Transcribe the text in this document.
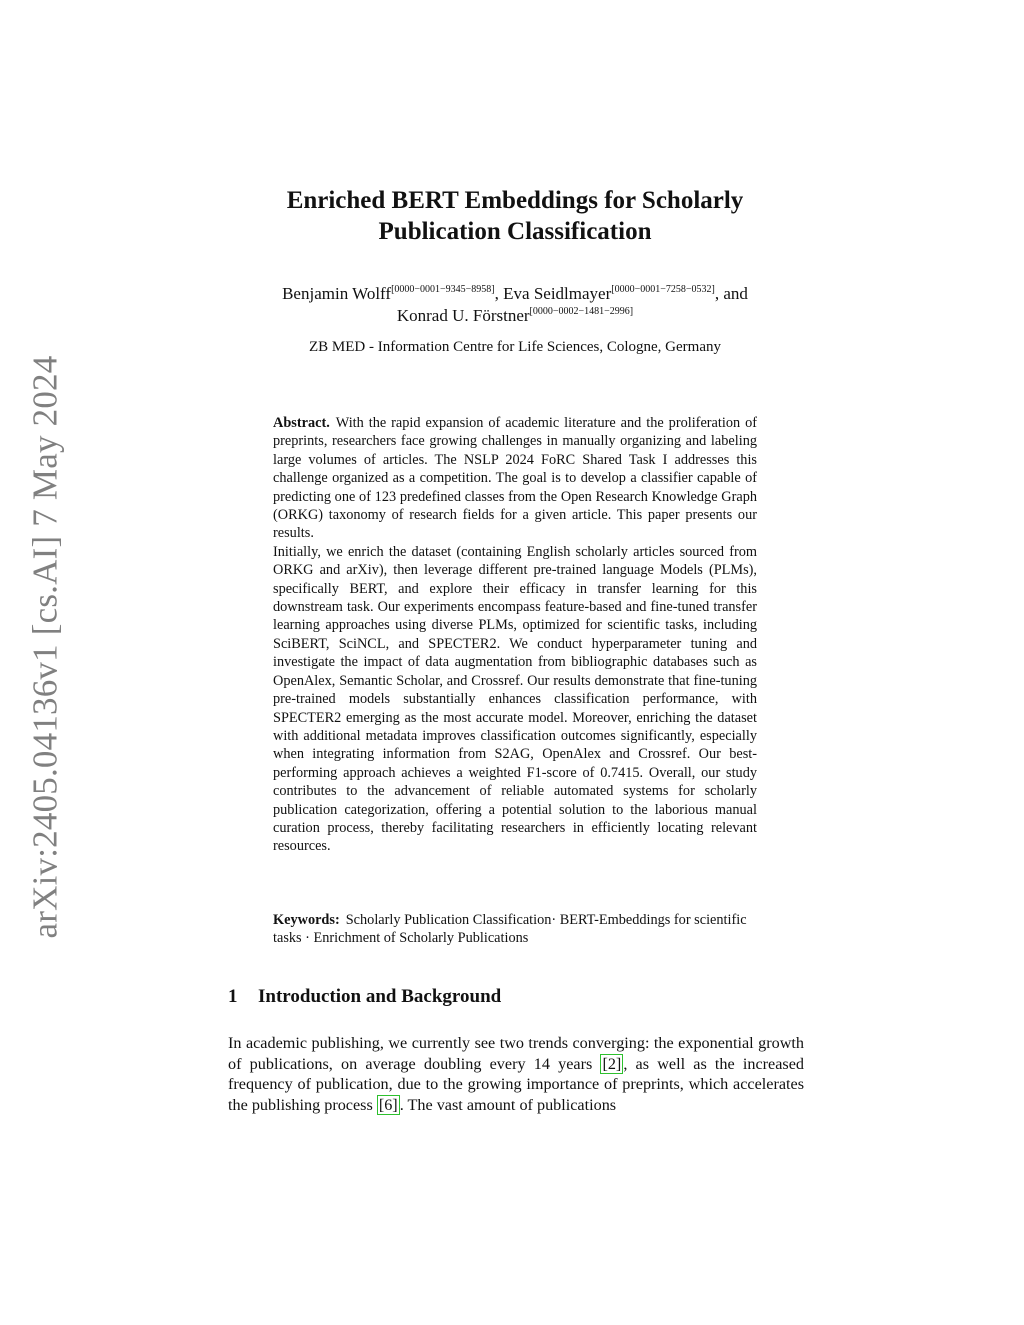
arXiv:2405.04136v1 [cs.AI] 7 May 2024
Enriched BERT Embeddings for Scholarly
Publication Classification

Benjamin Wolff[0000−0001−9345−8958], Eva Seidlmayer[0000−0001−7258−0532], and
Konrad U. Förstner[0000−0002−1481−2996]

ZB MED - Information Centre for Life Sciences, Cologne, Germany

Abstract. With the rapid expansion of academic literature and the proliferation of preprints, researchers face growing challenges in manually organizing and labeling large volumes of articles. The NSLP 2024 FoRC Shared Task I addresses this challenge organized as a competition. The goal is to develop a classifier capable of predicting one of 123 predefined classes from the Open Research Knowledge Graph (ORKG) taxonomy of research fields for a given article. This paper presents our results.

Initially, we enrich the dataset (containing English scholarly articles sourced from ORKG and arXiv), then leverage different pre-trained language Models (PLMs), specifically BERT, and explore their efficacy in transfer learning for this downstream task. Our experiments encompass feature-based and fine-tuned transfer learning approaches using diverse PLMs, optimized for scientific tasks, including SciBERT, SciNCL, and SPECTER2. We conduct hyperparameter tuning and investigate the impact of data augmentation from bibliographic databases such as OpenAlex, Semantic Scholar, and Crossref. Our results demonstrate that fine-tuning pre-trained models substantially enhances classification performance, with SPECTER2 emerging as the most accurate model. Moreover, enriching the dataset with additional metadata improves classification outcomes significantly, especially when integrating information from S2AG, OpenAlex and Crossref. Our best-performing approach achieves a weighted F1-score of 0.7415. Overall, our study contributes to the advancement of reliable automated systems for scholarly publication categorization, offering a potential solution to the laborious manual curation process, thereby facilitating researchers in efficiently locating relevant resources.

Keywords: Scholarly Publication Classification· BERT-Embeddings for scientific tasks · Enrichment of Scholarly Publications

1 Introduction and Background

In academic publishing, we currently see two trends converging: the exponential growth of publications, on average doubling every 14 years [2] , as well as the increased frequency of publication, due to the growing importance of preprints, which accelerates the publishing process [6] . The vast amount of publications
